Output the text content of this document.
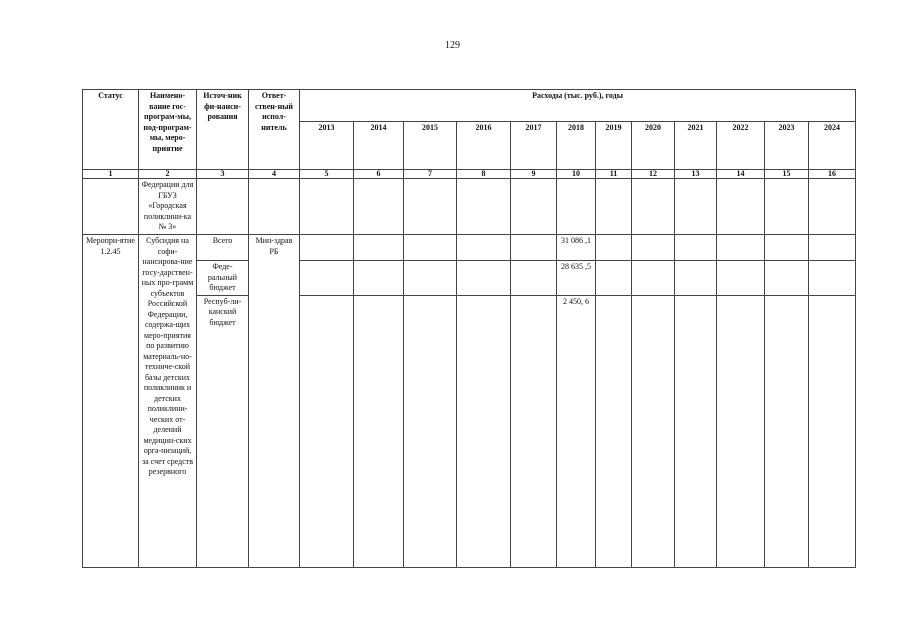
129
Статус	Наимено-вание гос-програм-мы, под-програм-мы, меро-приятие	Источ-ник фи-нанси-рования	Ответ-ствен-ный испол-нитель	Расходы (тыс. руб.), годы											
				2013	2014	2015	2016	2017	2018	2019	2020	2021	2022	2023	2024
1	2	3	4	5	6	7	8	9	10	11	12	13	14	15	16
	Федерации для ГБУЗ «Городская поликлини-ка № 3»														
Меропри-ятие 1.2.45	Субсидия на софи-нансирова-ние госу-дарствен-ных про-грамм субъектов Российской Федерации, содержа-щих меро-приятия по развитию материаль-но-техниче-ской базы детских поликлиник и детских поликлини-ческих от-делений медицин-ских орга-низаций, за счет средств резервного	Всего	Мин-здрав РБ						31 086 ,1						
		Феде-ральный бюджет							28 635 ,5						
		Респуб-ли-канский бюджет							2 450, 6						
